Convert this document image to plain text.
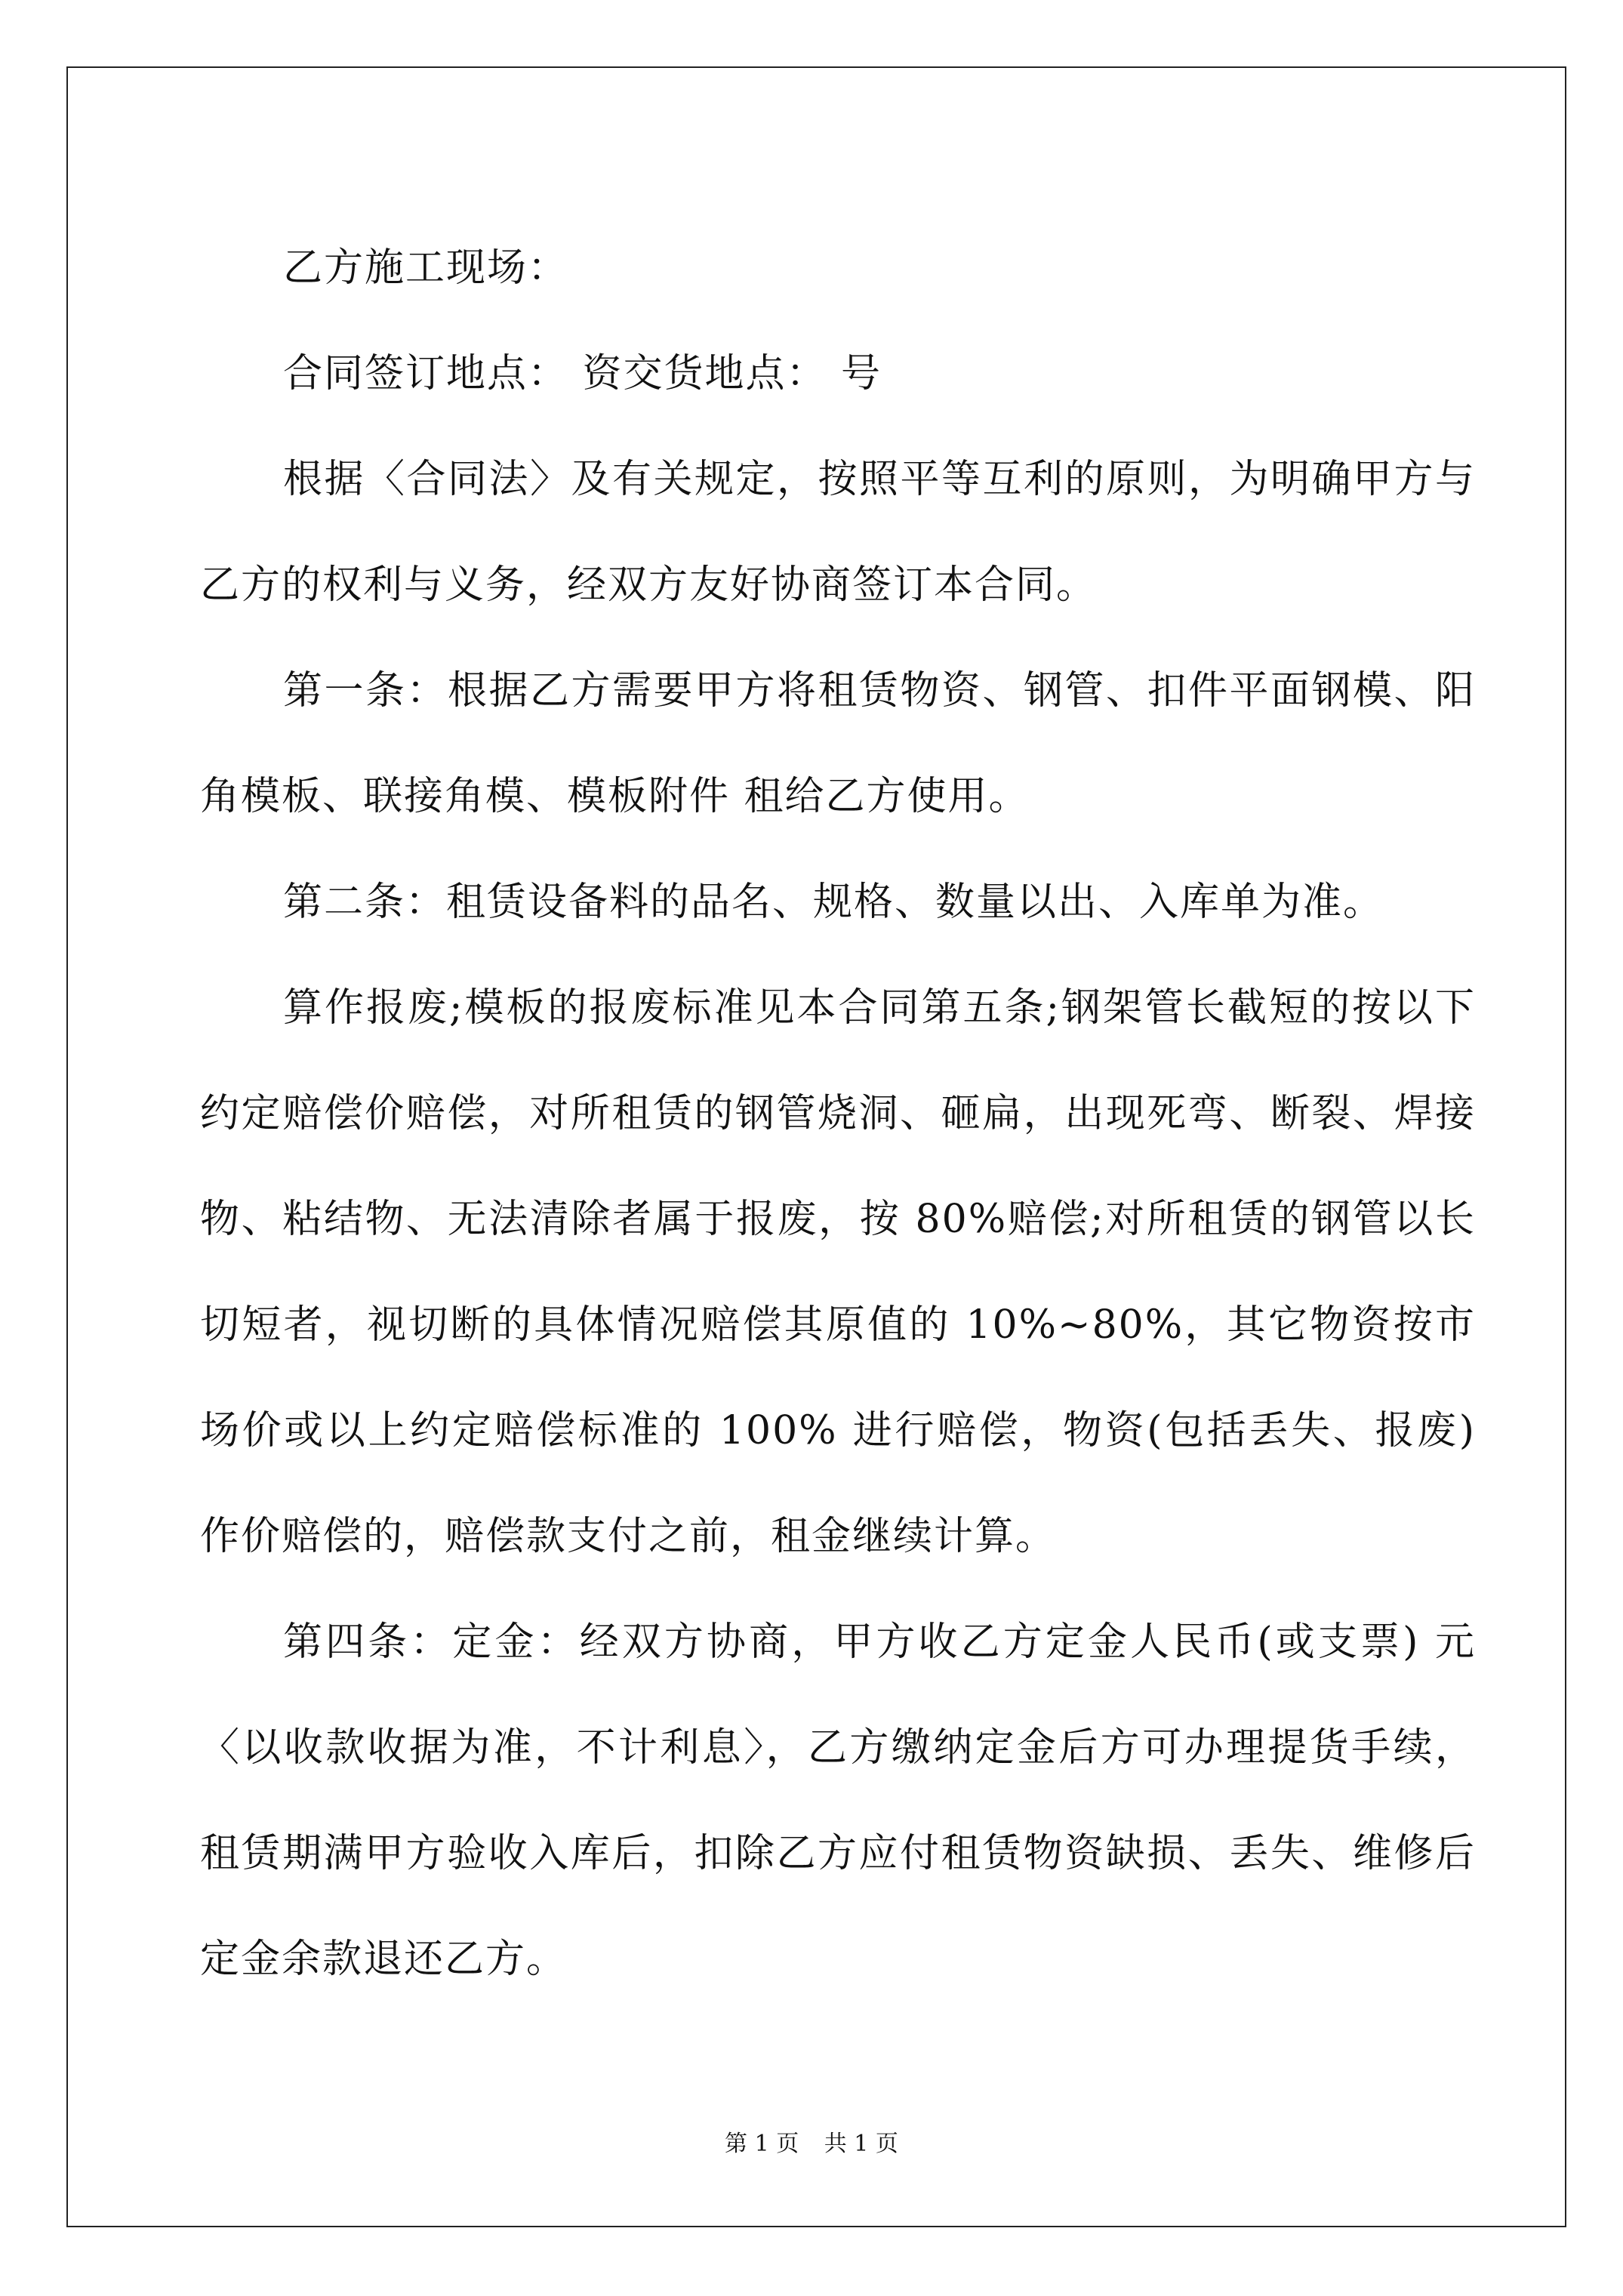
乙方施工现场：

合同签订地点： 资交货地点： 号

根据〈合同法〉及有关规定，按照平等互利的原则，为明确甲方与乙方的权利与义务，经双方友好协商签订本合同。

第一条：根据乙方需要甲方将租赁物资、钢管、扣件平面钢模、阳角模板、联接角模、模板附件 租给乙方使用。

第二条：租赁设备料的品名、规格、数量以出、入库单为准。

算作报废;模板的报废标准见本合同第五条;钢架管长截短的按以下约定赔偿价赔偿，对所租赁的钢管烧洞、砸扁，出现死弯、断裂、焊接物、粘结物、无法清除者属于报废，按 80%赔偿;对所租赁的钢管以长切短者，视切断的具体情况赔偿其原值的 10%~80%，其它物资按市场价或以上约定赔偿标准的 100% 进行赔偿，物资(包括丢失、报废)作价赔偿的，赔偿款支付之前，租金继续计算。

第四条：定金：经双方协商，甲方收乙方定金人民币(或支票) 元〈以收款收据为准，不计利息〉，乙方缴纳定金后方可办理提货手续，租赁期满甲方验收入库后，扣除乙方应付租赁物资缺损、丢失、维修后定金余款退还乙方。

第 1 页 共 1 页
